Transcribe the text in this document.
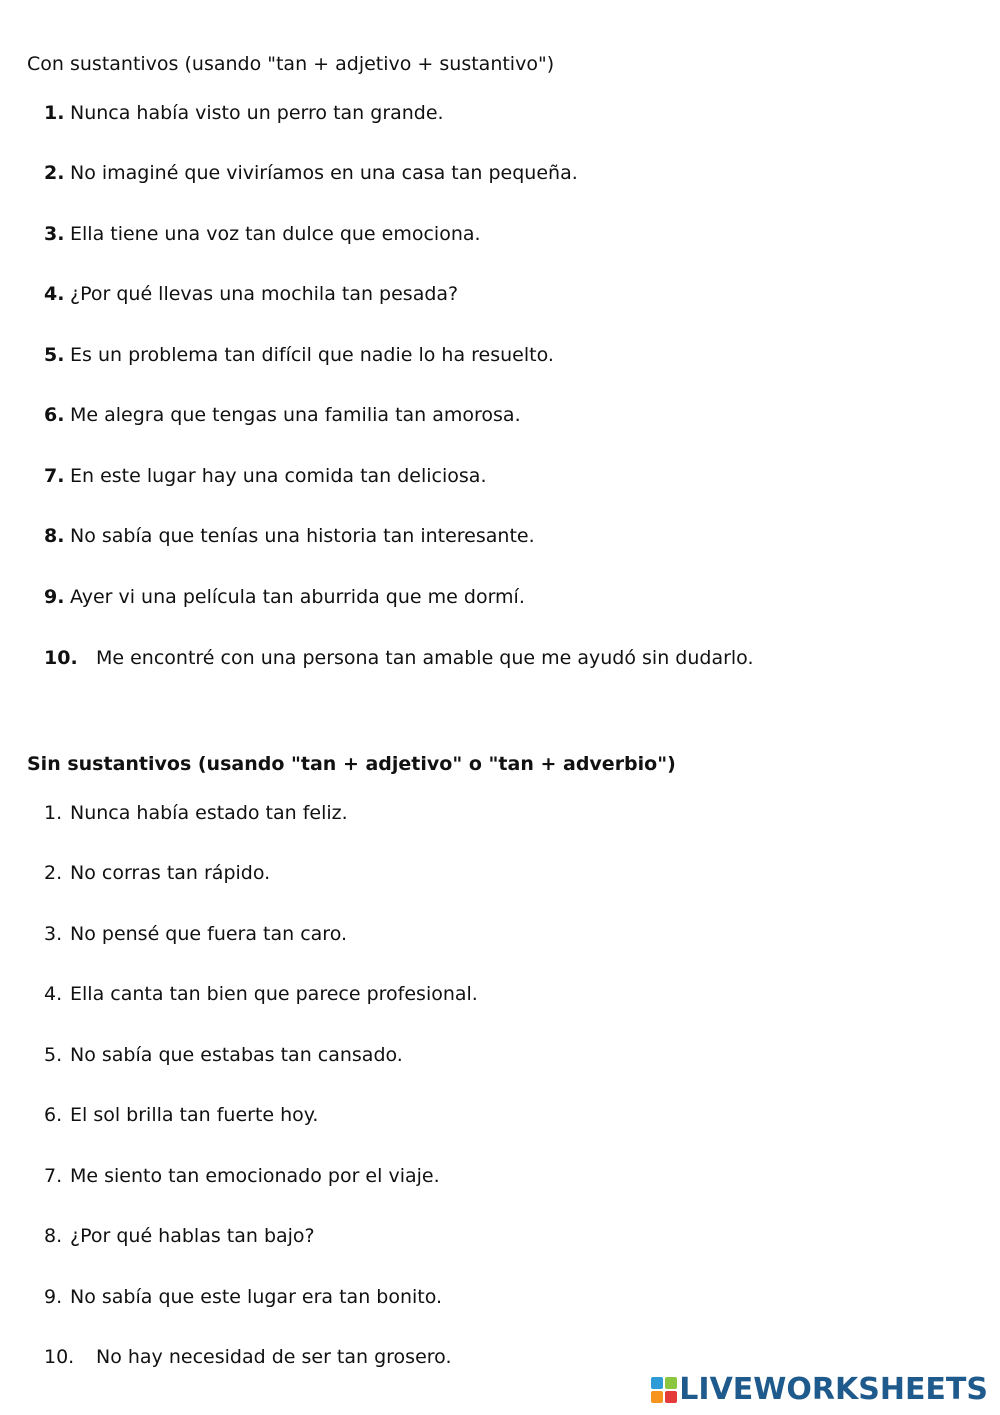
Con sustantivos (usando "tan + adjetivo + sustantivo")
1. Nunca había visto un perro tan grande.
2. No imaginé que viviríamos en una casa tan pequeña.
3. Ella tiene una voz tan dulce que emociona.
4. ¿Por qué llevas una mochila tan pesada?
5. Es un problema tan difícil que nadie lo ha resuelto.
6. Me alegra que tengas una familia tan amorosa.
7. En este lugar hay una comida tan deliciosa.
8. No sabía que tenías una historia tan interesante.
9. Ayer vi una película tan aburrida que me dormí.
10. Me encontré con una persona tan amable que me ayudó sin dudarlo.
Sin sustantivos (usando "tan + adjetivo" o "tan + adverbio")
1. Nunca había estado tan feliz.
2. No corras tan rápido.
3. No pensé que fuera tan caro.
4. Ella canta tan bien que parece profesional.
5. No sabía que estabas tan cansado.
6. El sol brilla tan fuerte hoy.
7. Me siento tan emocionado por el viaje.
8. ¿Por qué hablas tan bajo?
9. No sabía que este lugar era tan bonito.
10. No hay necesidad de ser tan grosero.
LIVEWORKSHEETS
